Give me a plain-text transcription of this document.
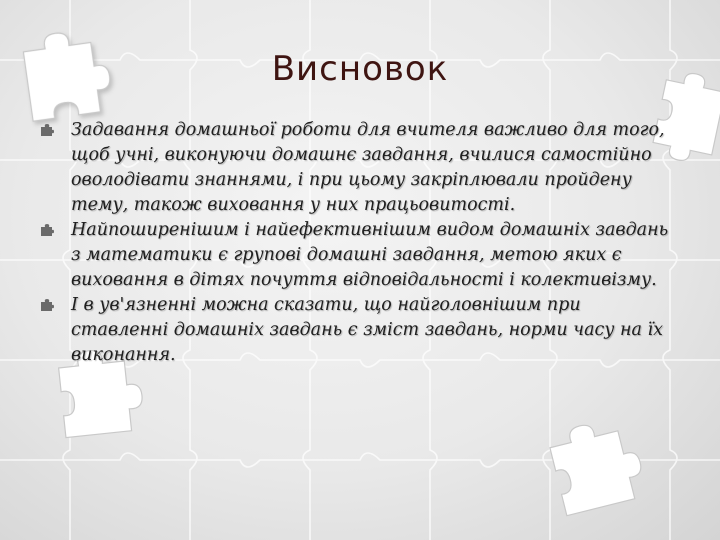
Висновок
Задавання домашньої роботи для вчителя важливо для того, щоб учні, виконуючи домашнє завдання, вчилися самостійно оволодівати знаннями, і при цьому закріплювали пройдену тему, також виховання у них працьовитості.
Найпоширенішим і найефективнішим видом домашніх завдань з математики є групові домашні завдання, метою яких є виховання в дітях почуття відповідальності і колективізму.
І в ув'язненні можна сказати, що найголовнішим при ставленні домашніх завдань є зміст завдань, норми часу на їх виконання.
